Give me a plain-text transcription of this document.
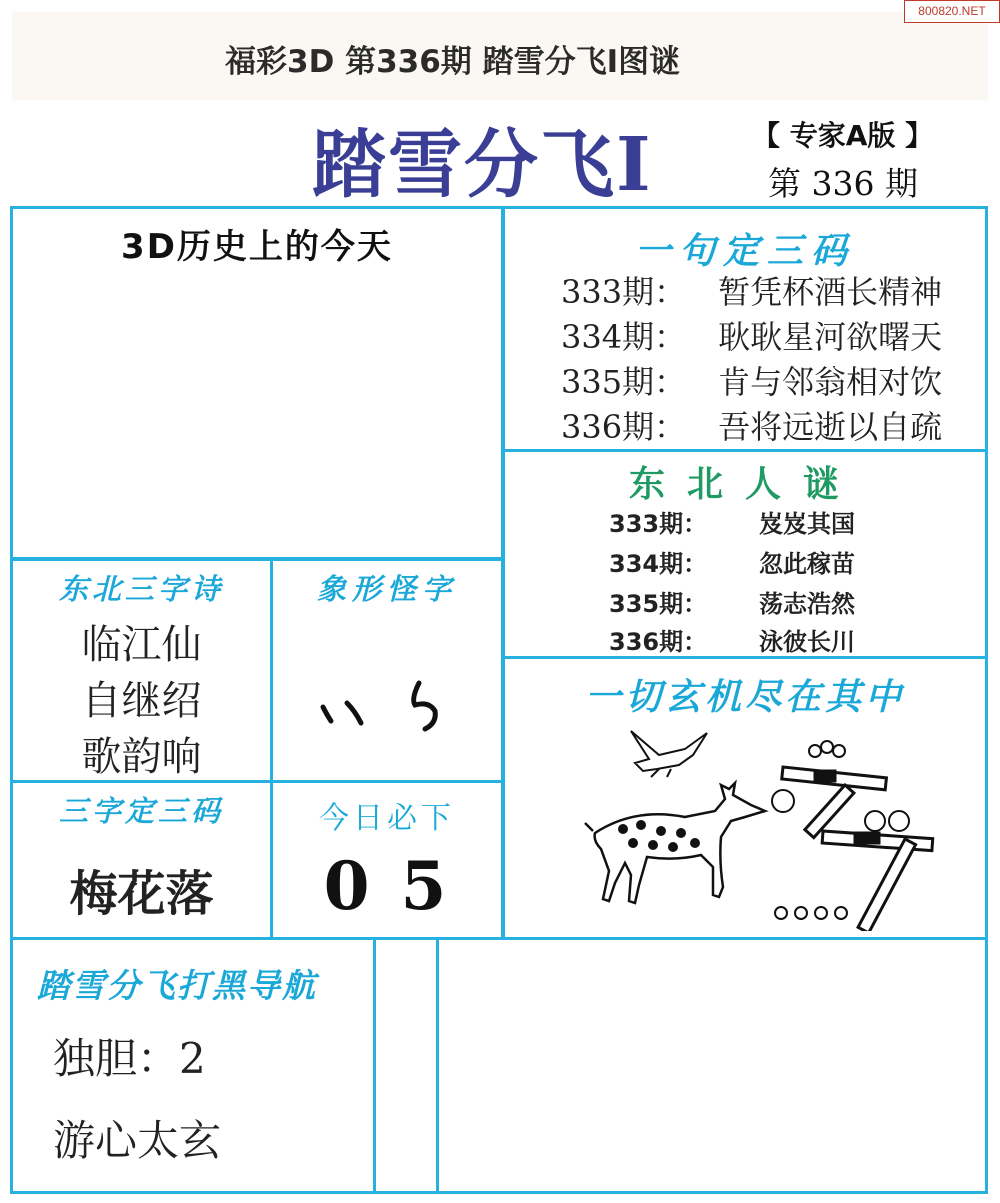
福彩3D 第336期 踏雪分飞I图谜
800820.NET
踏雪分飞I	【 专家A版 】
第 336 期
3D历史上的今天	一句定三码
333期： 暂凭杯酒长精神
334期： 耿耿星河欲曙天
335期： 肯与邻翁相对饮
336期： 吾将远逝以自疏
东北人谜
333期： 岌岌其国
334期： 忽此稼苗
335期： 荡志浩然
336期： 泳彼长川
东北三字诗
临江仙
自继绍
歌韵响
象形怪字
一切玄机尽在其中
三字定三码
梅花落
今日必下
0 5
踏雪分飞打黑导航
独胆：2
游心太玄
